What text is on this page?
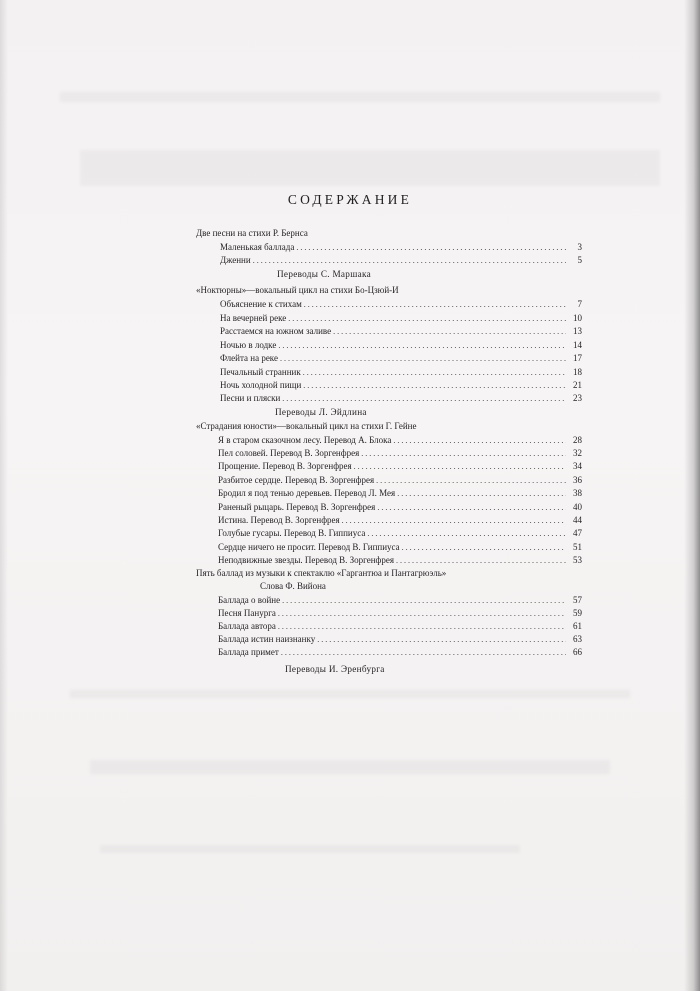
СОДЕРЖАНИЕ
Две песни на стихи Р. Бернса
Маленькая баллада . . .	3
Дженни . . .	5
Переводы С. Маршака
«Ноктюрны»—вокальный цикл на стихи Бо-Цзюй-И
Объяснение к стихам . . .	7
На вечерней реке . . .	10
Расстаемся на южном заливе . . .	13
Ночью в лодке . . .	14
Флейта на реке . . .	17
Печальный странник . . .	18
Ночь холодной пищи . . .	21
Песни и пляски . . .	23
Переводы Л. Эйдлина
«Страдания юности»—вокальный цикл на стихи Г. Гейне
Я в старом сказочном лесу. Перевод А. Блока . . .	28
Пел соловей. Перевод В. Зоргенфрея . . .	32
Прощение. Перевод В. Зоргенфрея . . .	34
Разбитое сердце. Перевод В. Зоргенфрея . . .	36
Бродил я под тенью деревьев. Перевод Л. Мея . . .	38
Раненый рыцарь. Перевод В. Зоргенфрея . . .	40
Истина. Перевод В. Зоргенфрея . . .	44
Голубые гусары. Перевод В. Гиппиуса . . .	47
Сердце ничего не просит. Перевод В. Гиппиуса . . .	51
Неподвижные звезды. Перевод В. Зоргенфрея . . .	53
Пять баллад из музыки к спектаклю «Гаргантюа и Пантагрюэль»
Слова Ф. Вийона
Баллада о войне . . .	57
Песня Панурга . . .	59
Баллада автора . . .	61
Баллада истин наизнанку . . .	63
Баллада примет . . .	66
Переводы И. Эренбурга
